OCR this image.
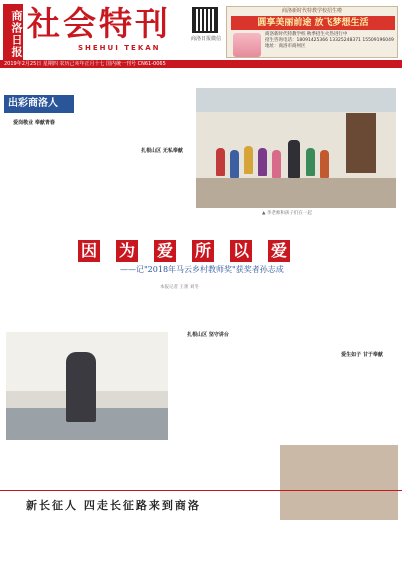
商洛日报 社会特刊
SHEHUI TEKAN
商洛日报微信
商洛新时代特教学校招生啦
圆享美丽前途 放飞梦想生活
商洛新时代特教学校 秋季招生火热进行中
招生咨询电话：18091425366 13325248371 15509196049
地址：商洛市商州区
2019年2月25日 星期四 农历己亥年正月十七 国内统一刊号 CN61-0065
出彩商洛人
爱岗敬业 奉献青春
扎根山区 无私奉献
▲ 李老师和孩子们在一起
因 为 爱 所 以 爱
——记"2018年马云乡村教师奖"获奖者孙志成
本报记者 王蕾 刘冬
扎根山区 坚守讲台
爱生如子 甘于奉献
新长征人 四走长征路来到商洛
